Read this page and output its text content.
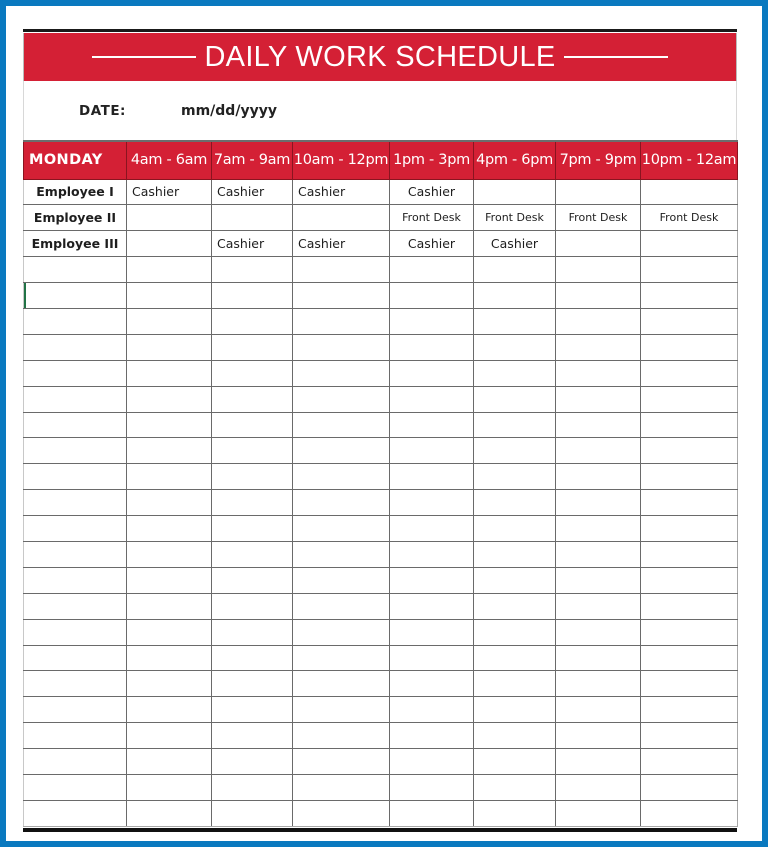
DAILY WORK SCHEDULE
DATE:	mm/dd/yyyy
MONDAY	4am - 6am	7am - 9am	10am - 12pm	1pm - 3pm	4pm - 6pm	7pm - 9pm	10pm - 12am
Employee I	Cashier	Cashier	Cashier	Cashier			
Employee II				Front Desk	Front Desk	Front Desk	Front Desk
Employee III		Cashier	Cashier	Cashier	Cashier		
